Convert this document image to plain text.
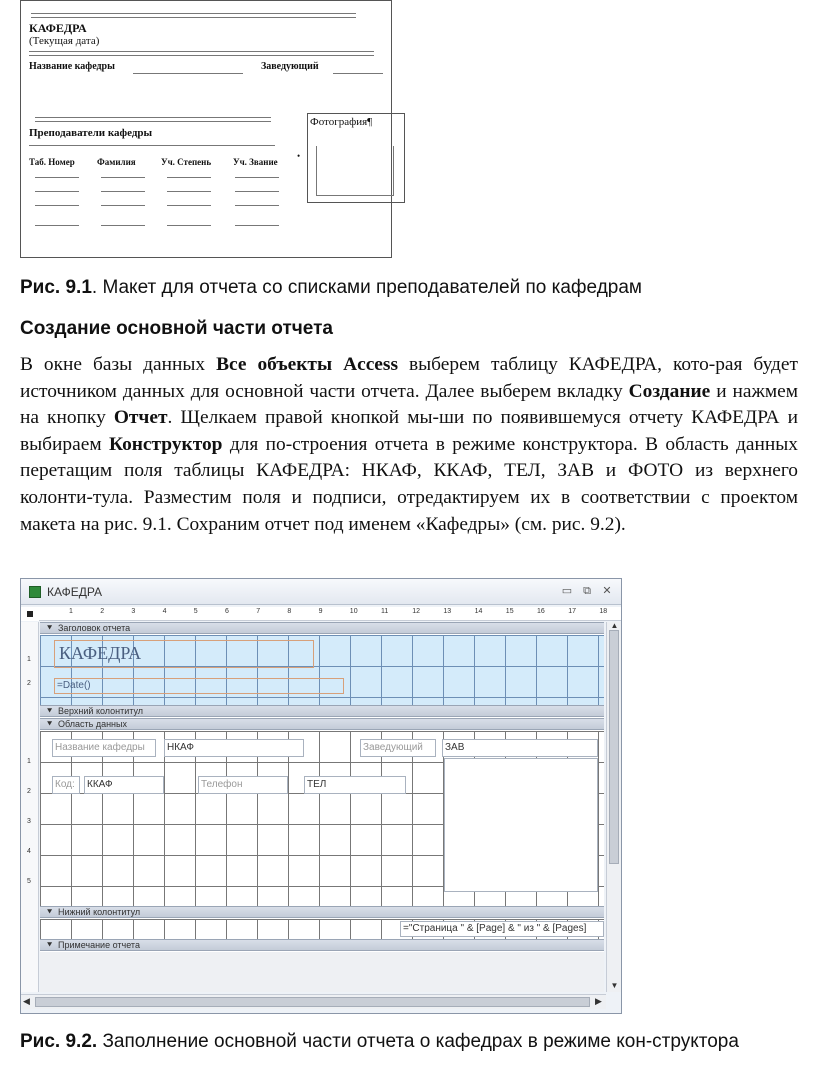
КАФЕДРА
(Текущая дата)
Название кафедры	Заведующий
Преподаватели кафедры
Таб. Номер Фамилия	Уч. Степень Уч. Звание
Фотография¶
•
Рис. 9.1. Макет для отчета со списками преподавателей по кафедрам
Создание основной части отчета
В окне базы данных Все объекты Access выберем таблицу КАФЕДРА, кото-рая будет источником данных для основной части отчета. Далее выберем вкладку Создание и нажмем на кнопку Отчет. Щелкаем правой кнопкой мы-ши по появившемуся отчету КАФЕДРА и выбираем Конструктор для по-строения отчета в режиме конструктора. В область данных перетащим поля таблицы КАФЕДРА: НКАФ, ККАФ, ТЕЛ, ЗАВ и ФОТО из верхнего колонти-тула. Разместим поля и подписи, отредактируем их в соответствии с проектом макета на рис. 9.1. Сохраним отчет под именем «Кафедры» (см. рис. 9.2).
КАФЕДРА	▭ ⧉	✕
1	2	3	4	5	6	7	8	9	10	11	12	13	14	15	16	17	18
1
2
1
2
3
4
5
⯆ Заголовок отчета
КАФЕДРА
=Date()
⯆ Верхний колонтитул
⯆ Область данных
Название кафедры	НКАФ	Заведующий	ЗАВ
Код:	ККАФ	Телефон	ТЕЛ
⯆ Нижний колонтитул
="Страница " & [Page] & " из " & [Pages]
⯆ Примечание отчета
▲
▼
◀	▶
Рис. 9.2. Заполнение основной части отчета о кафедрах в режиме кон-структора
